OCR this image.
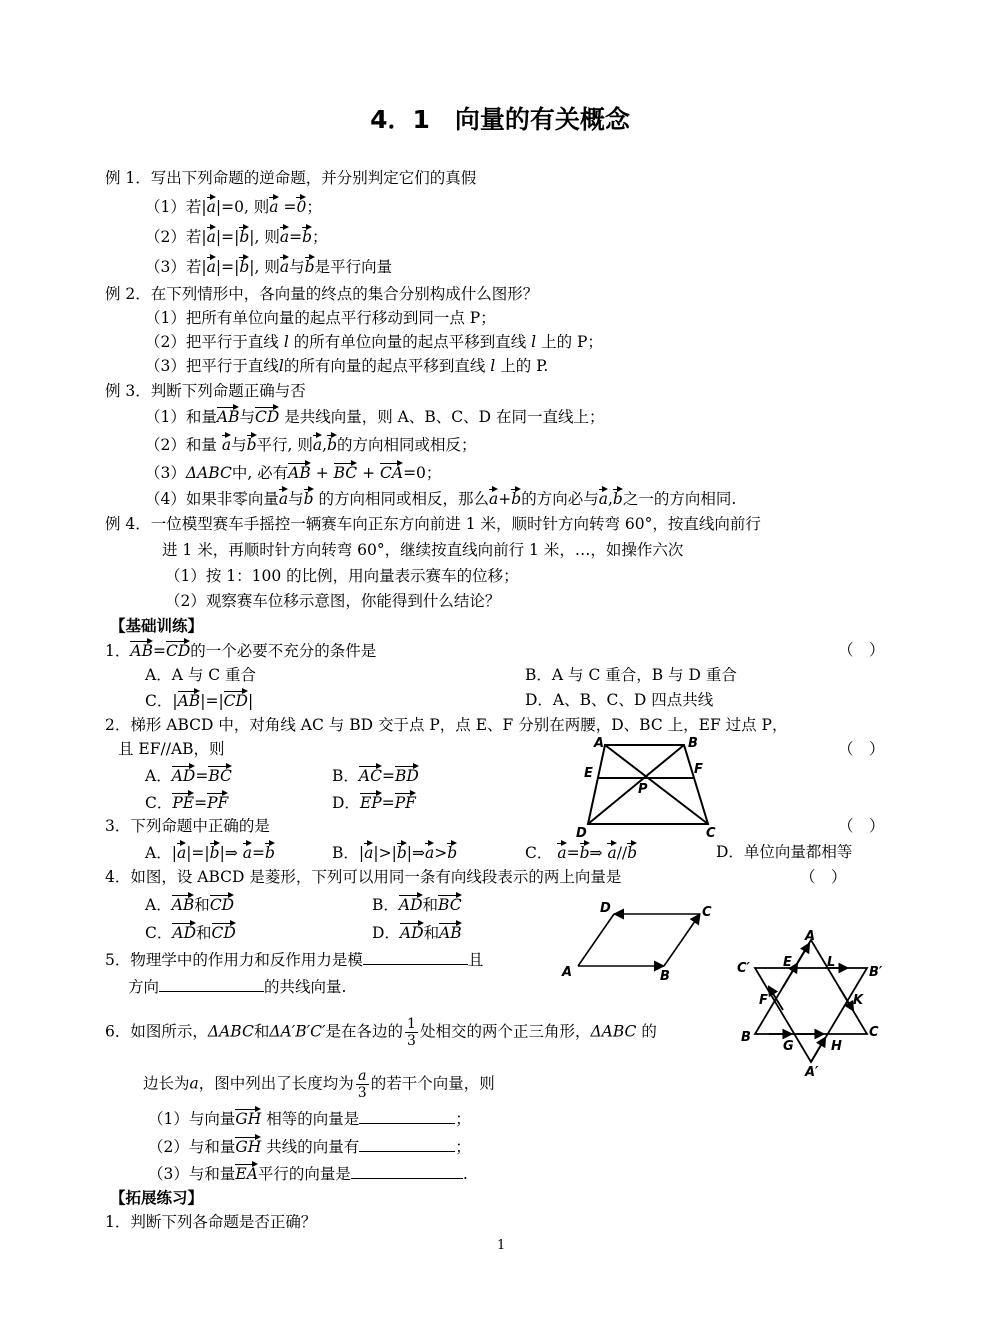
4．1　向量的有关概念
例 1．写出下列命题的逆命题，并分别判定它们的真假
（1）若|a|=0, 则a =0；
（2）若|a|=|b|, 则a=b；
（3）若|a|=|b|, 则a与b是平行向量
例 2．在下列情形中，各向量的终点的集合分别构成什么图形？
（1）把所有单位向量的起点平行移动到同一点 P；
（2）把平行于直线 l 的所有单位向量的起点平移到直线 l 上的 P；
（3）把平行于直线l的所有向量的起点平移到直线 l 上的 P.
例 3．判断下列命题正确与否
（1）和量AB与CD 是共线向量，则 A、B、C、D 在同一直线上；
（2）和量 a与b平行, 则a,b的方向相同或相反；
（3）ΔABC中, 必有AB + BC + CA=0；
（4）如果非零向量a与b 的方向相同或相反，那么a+b的方向必与a,b之一的方向相同.
例 4．一位模型赛车手摇控一辆赛车向正东方向前进 1 米，顺时针方向转弯 60°，按直线向前行
进 1 米，再顺时针方向转弯 60°，继续按直线向前行 1 米，…，如操作六次
（1）按 1：100 的比例，用向量表示赛车的位移；
（2）观察赛车位移示意图，你能得到什么结论？
【基础训练】
1．AB=CD的一个必要不充分的条件是	（　）
A．A 与 C 重合	B．A 与 C 重合，B 与 D 重合
C．|AB|=|CD|	D．A、B、C、D 四点共线
2．梯形 ABCD 中，对角线 AC 与 BD 交于点 P，点 E、F 分别在两腰，D、BC 上，EF 过点 P，
且 EF//AB，则	（　）
A．AD=BC	B．AC=BD
C．PE=PF	D．EP=PF
3．下列命题中正确的是	（　）
A．|a|=|b|⇒ a=b	B．|a|>|b|⇒a>b	C． a=b⇒ a//b	D．单位向量都相等
4．如图，设 ABCD 是菱形，下列可以用同一条有向线段表示的两上向量是	（　）
A．AB和CD	B．AD和BC
C．AD和CD	D．AD和AB
5．物理学中的作用力和反作用力是模	且
方向	的共线向量.
6．如图所示，ΔABC和ΔA′B′C′是在各边的 $\frac{1}{3}$ 处相交的两个正三角形，ΔABC 的
边长为a，图中列出了长度均为 $\frac{a}{3}$ 的若干个向量，则
（1）与向量GH 相等的向量是	；
（2）与和量GH 共线的向量有	；
（3）与和量EA平行的向量是	.
【拓展练习】
1．判断下列各命题是否正确？
1
A	B
C
D
E	F
P
A	B
C
D
A
B	C
A′
B′
C′	E	L
F	K
G	H
